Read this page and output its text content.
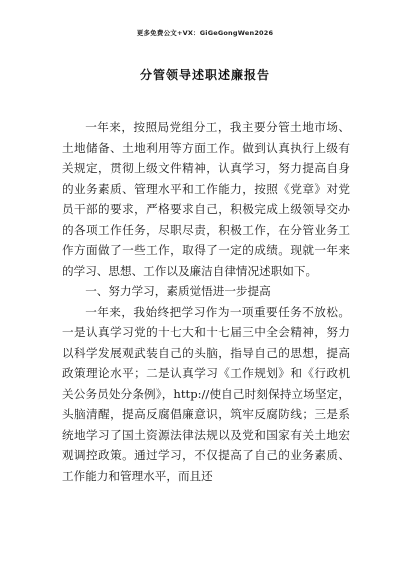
更多免费公文+VX：GiGeGongWen2026
分管领导述职述廉报告

一年来，按照局党组分工，我主要分管土地市场、土地储备、土地利用等方面工作。做到认真执行上级有关规定，贯彻上级文件精神，认真学习，努力提高自身的业务素质、管理水平和工作能力，按照《党章》对党员干部的要求，严格要求自己，积极完成上级领导交办的各项工作任务，尽职尽责，积极工作，在分管业务工作方面做了一些工作，取得了一定的成绩。现就一年来的学习、思想、工作以及廉洁自律情况述职如下。

一、努力学习，素质觉悟进一步提高

一年来，我始终把学习作为一项重要任务不放松。一是认真学习党的十七大和十七届三中全会精神，努力以科学发展观武装自己的头脑，指导自己的思想，提高政策理论水平；二是认真学习《工作规划》和《行政机关公务员处分条例》，http://使自己时刻保持立场坚定，头脑清醒，提高反腐倡廉意识，筑牢反腐防线；三是系统地学习了国土资源法律法规以及党和国家有关土地宏观调控政策。通过学习，不仅提高了自己的业务素质、工作能力和管理水平，而且还
